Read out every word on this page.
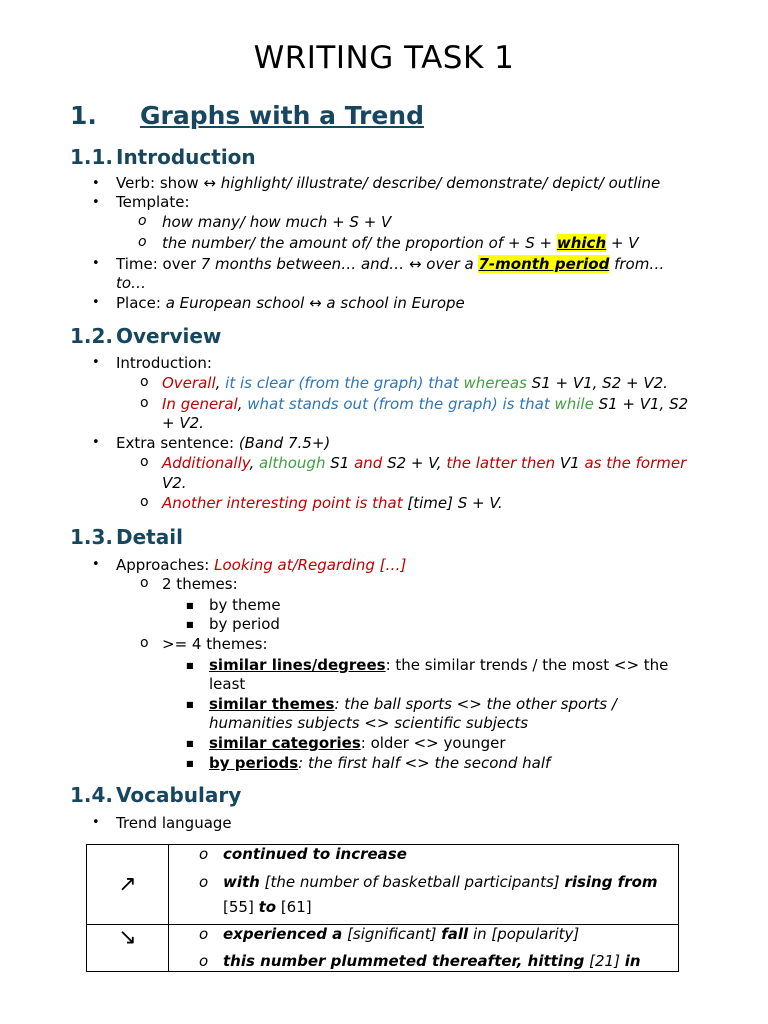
WRITING TASK 1
1. Graphs with a Trend
1.1. Introduction
• Verb: show ↔ highlight/ illustrate/ describe/ demonstrate/ depict/ outline
• Template:
o how many/ how much + S + V
o the number/ the amount of/ the proportion of + S + which + V
• Time: over 7 months between… and… ↔ over a 7-month period from…
to…
• Place: a European school ↔ a school in Europe
1.2. Overview
• Introduction:
o Overall, it is clear (from the graph) that whereas S1 + V1, S2 + V2.
o In general, what stands out (from the graph) is that while S1 + V1, S2
+ V2.
• Extra sentence: (Band 7.5+)
o Additionally, although S1 and S2 + V, the latter then V1 as the former
V2.
o Another interesting point is that [time] S + V.
1.3. Detail
• Approaches: Looking at/Regarding […]
o 2 themes:
■ by theme
■ by period
o >= 4 themes:
■ similar lines/degrees: the similar trends / the most <> the
least
■ similar themes: the ball sports <> the other sports /
humanities subjects <> scientific subjects
■ similar categories: older <> younger
■ by periods: the first half <> the second half
1.4. Vocabulary
• Trend language
↗	o continued to increase
o with [the number of basketball participants] rising from
[55] to [61]

↘	o experienced a [significant] fall in [popularity]
o this number plummeted thereafter, hitting [21] in
